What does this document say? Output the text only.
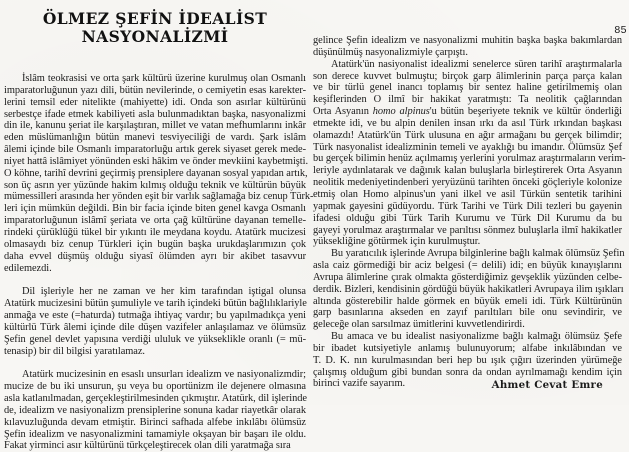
ÖLMEZ ŞEFİN İDEALİST
NASYONALİZMİ
İslâm teokrasisi ve orta şark kültürü üzerine kurulmuş olan Osmanlı
imparatorluğunun yazı dili, bütün nevilerinde, o cemiyetin esas karekter-
lerini temsil eder nitelikte (mahiyette) idi. Onda son asırlar kültürünü
serbestçe ifade etmek kabiliyeti asla bulunmadıktan başka, nasyonalizmi
din ile, kanunu şeriat ile karşılaştıran, millet ve vatan mefhumlarını inkâr
eden müslümanlığın bütün manevi tesviyeciliği de vardı. Şark islâm
âlemi içinde bile Osmanlı imparatorluğu artık gerek siyaset gerek mede-
niyet hattâ islâmiyet yönünden eski hâkim ve önder mevkiini kaybetmişti.
O köhne, tarihî devrini geçirmiş prensiplere dayanan sosyal yapıdan artık,
son üç asrın yer yüzünde hakim kılmış olduğu teknik ve kültürün büyük
mümessilleri arasında her yönden eşit bir varlık sağlamağa biz cenup Türk-
leri için mümkün değildi. Bin bir facia içinde biten genel kavga Osmanlı
imparatorluğunun islâmî şeriata ve orta çağ kültürüne dayanan temelle-
rindeki çürüklüğü tükel bir yıkıntı ile meydana koydu. Atatürk mucizesi
olmasaydı biz cenup Türkleri için bugün başka urukdaşlarımızın çok
daha evvel düşmüş olduğu siyasî ölümden ayrı bir akibet tasavvur
edilemezdi.
Dil işleriyle her ne zaman ve her kim tarafından iştigal olunsa
Atatürk mucizesini bütün şumuliyle ve tarih içindeki bütün bağlılıklariyle
anmağa ve este (=haturda) tutmağa ihtiyaç vardır; bu yapılmadıkça yeni
kültürlü Türk âlemi içinde dile düşen vazifeler anlaşılamaz ve ölümsüz
Şefin genel devlet yapısına verdiği ululuk ve yükseklikle oranlı (= mü-
tenasip) bir dil bilgisi yaratılamaz.
Atatürk mucizesinin en esaslı unsurları idealizm ve nasiyonalizmdir;
mucize de bu iki unsurun, şu veya bu oportünizm ile dejenere olmasına
asla katlanılmadan, gerçekleştirilmesinden çıkmıştır. Atatürk, dil işlerinde
de, idealizm ve nasiyonalizm prensiplerine sonuna kadar riayetkâr olarak
kılavuzluğunda devam etmiştir. Birinci safhada alfebe inkılâbı ölümsüz
Şefin idealizm ve nasyonalizmini tamamiyle okşayan bir başarı ile oldu.
Fakat yirminci asır kültürünü türkçeleştirecek olan dili yaratmağa sıra
85
gelince Şefin idealizm ve nasyonalizmi muhitin başka başka bakımlardan
düşünülmüş nasyonalizmiyle çarpıştı.
Atatürk'ün nasiyonalist idealizmi senelerce süren tarihî araştırmalarla
son derece kuvvet bulmuştu; birçok garp âlimlerinin parça parça kalan
ve bir türlü genel inancı toplamış bir sentez haline getirilmemiş olan
keşiflerinden O ilmî bir hakikat yaratmıştı: Ta neolitik çağlarından
Orta Asyanın homo alpinus'u bütün beşeriyete teknik ve kültür önderliği
etmekte idi, ve bu alpin denilen insan ırkı da asıl Türk ırkından başkası
olamazdı! Atatürk'ün Türk ulusuna en ağır armağanı bu gerçek bilimdir;
Türk nasyonalist idealizminin temeli ve ayaklığı bu imandır. Ölümsüz Şef
bu gerçek bilimin henüz açılmamış yerlerini yorulmaz araştırmaların verim-
leriyle aydınlatarak ve dağınık kalan buluşlarla birleştirerek Orta Asyanın
neolitik medeniyetindenberi yeryüzünü tarihten önceki göçleriyle kolonize
etmiş olan Homo alpinus'un yani ilkel ve asil Türkün sentetik tarihini
yapmak gayesini güdüyordu. Türk Tarihi ve Türk Dili tezleri bu gayenin
ifadesi olduğu gibi Türk Tarih Kurumu ve Türk Dil Kurumu da bu
gayeyi yorulmaz araştırmalar ve parıltısı sönmez buluşlarla ilmî hakikatler
yüksekliğine götürmek için kurulmuştur.
Bu yaratıcılık işlerinde Avrupa bilginlerine bağlı kalmak ölümsüz Şefin
asla caiz görmediği bir aciz belgesi (= delili) idi; en büyük kınayışlarını
Avrupa âlimlerine çırak olmakta gösterdiğimiz gevşeklik yüzünden celbe-
derdik. Bizleri, kendisinin gördüğü büyük hakikatleri Avrupaya ilim ışıkları
altında gösterebilir halde görmek en büyük emeli idi. Türk Kültürünün
garp basınlarına akseden en zayıf parıltıları bile onu sevindirir, ve
geleceğe olan sarsılmaz ümitlerini kuvvetlendirirdi.
Bu amaca ve bu idealist nasiyonalizme bağlı kalmağı ölümsüz Şefe
bir ibadet kutsiyetiyle anlamış bulunuyorum; alfabe inkılâbından ve
T. D. K. nın kurulmasından beri hep bu ışık çığırı üzerinden yürümeğe
çalışmış olduğum gibi bundan sonra da ondan ayrılmamağı kendim için
birinci vazife sayarım.	Ahmet Cevat Emre
